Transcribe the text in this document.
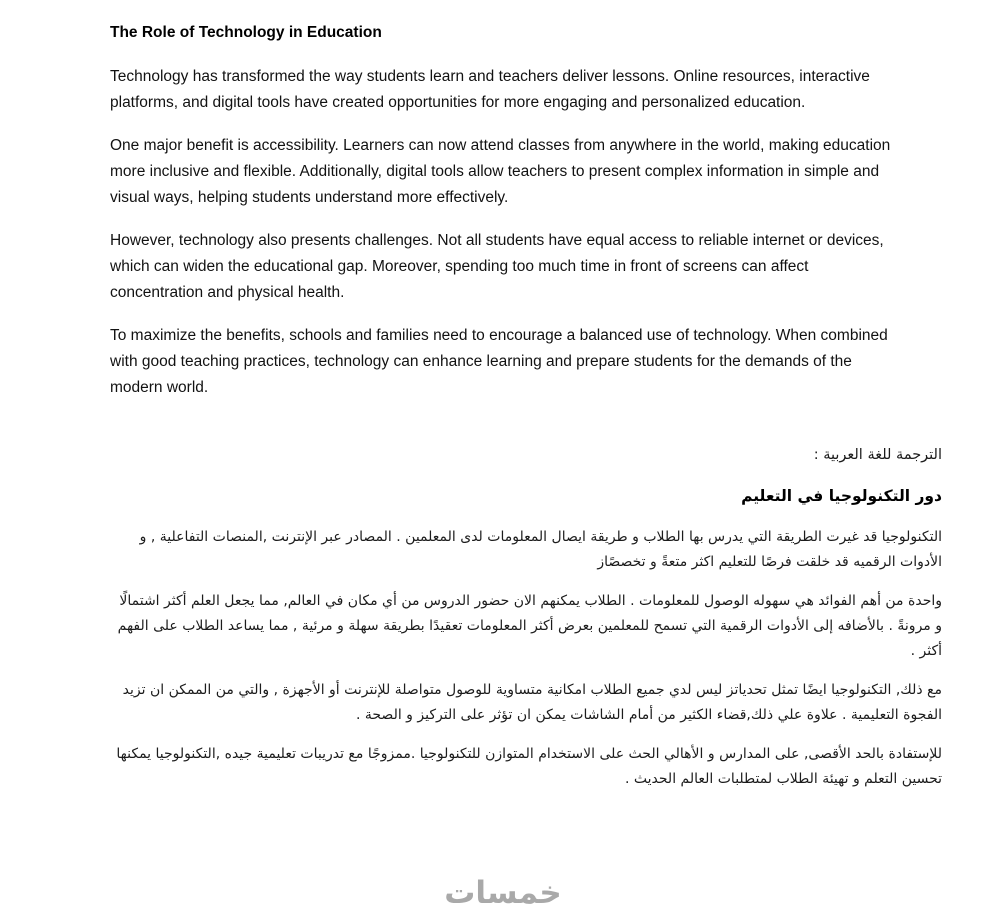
The Role of Technology in Education

Technology has transformed the way students learn and teachers deliver lessons. Online resources, interactive platforms, and digital tools have created opportunities for more engaging and personalized education.

One major benefit is accessibility. Learners can now attend classes from anywhere in the world, making education more inclusive and flexible. Additionally, digital tools allow teachers to present complex information in simple and visual ways, helping students understand more effectively.

However, technology also presents challenges. Not all students have equal access to reliable internet or devices, which can widen the educational gap. Moreover, spending too much time in front of screens can affect concentration and physical health.

To maximize the benefits, schools and families need to encourage a balanced use of technology. When combined with good teaching practices, technology can enhance learning and prepare students for the demands of the modern world.

الترجمة للغة العربية :

دور التكنولوجيا في التعليم

التكنولوجيا قد غيرت الطريقة التي يدرس بها الطلاب و طريقة ايصال المعلومات لدى المعلمين . المصادر عبر الإنترنت ,المنصات التفاعلية , و الأدوات الرقميه قد خلقت فرصًا للتعليم اكثر متعةً و تخصصًاز

واحدة من أهم الفوائد هي سهوله الوصول للمعلومات . الطلاب يمكنهم الان حضور الدروس من أي مكان في العالم, مما يجعل العلم أكثر اشتمالًا و مرونةً . بالأضافه إلى الأدوات الرقمية التي تسمح للمعلمين بعرض أكثر المعلومات تعقيدًا بطريقة سهلة و مرئية , مما يساعد الطلاب على الفهم أكثر .

مع ذلك, التكنولوجيا ايضًا تمثل تحدياتز ليس لدي جميع الطلاب امكانية متساوية للوصول متواصلة للإنترنت أو الأجهزة , والتي من الممكن ان تزيد الفجوة التعليمية . علاوة علي ذلك,قضاء الكثير من أمام الشاشات يمكن ان تؤثر على التركيز و الصحة .

للإستفادة بالحد الأقصى, على المدارس و الأهالي الحث على الاستخدام المتوازن للتكنولوجيا .ممزوجًا مع تدريبات تعليمية جيده ,التكنولوجيا يمكنها تحسين التعلم و تهيئة الطلاب لمتطلبات العالم الحديث .

خمسات
